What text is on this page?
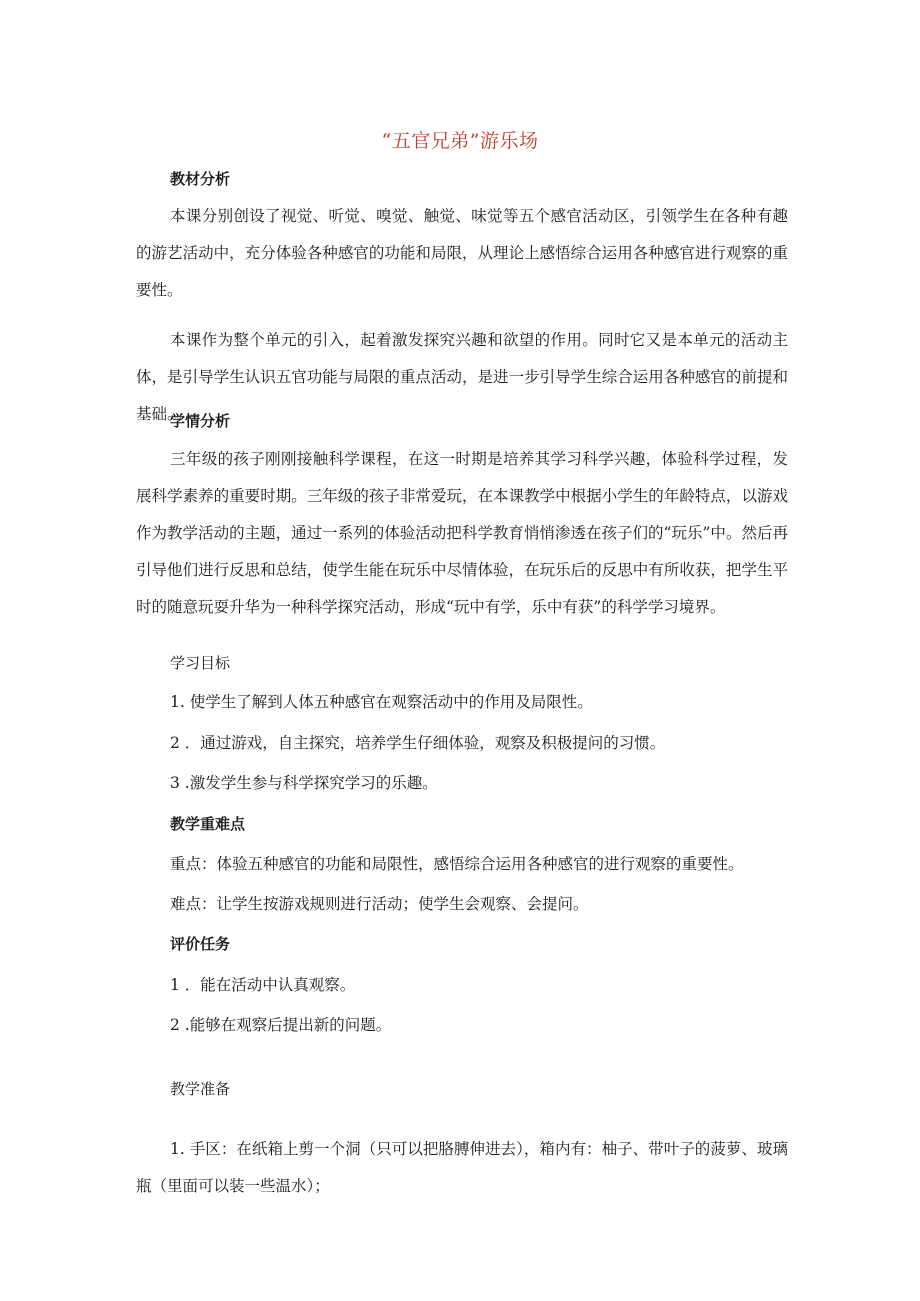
“五官兄弟”游乐场
教材分析

本课分别创设了视觉、听觉、嗅觉、触觉、味觉等五个感官活动区，引领学生在各种有趣的游艺活动中，充分体验各种感官的功能和局限，从理论上感悟综合运用各种感官进行观察的重要性。

本课作为整个单元的引入，起着激发探究兴趣和欲望的作用。同时它又是本单元的活动主体，是引导学生认识五官功能与局限的重点活动，是进一步引导学生综合运用各种感官的前提和基础。

学情分析

三年级的孩子刚刚接触科学课程，在这一时期是培养其学习科学兴趣，体验科学过程，发展科学素养的重要时期。三年级的孩子非常爱玩，在本课教学中根据小学生的年龄特点，以游戏作为教学活动的主题，通过一系列的体验活动把科学教育悄悄渗透在孩子们的“玩乐”中。然后再引导他们进行反思和总结，使学生能在玩乐中尽情体验，在玩乐后的反思中有所收获，把学生平时的随意玩耍升华为一种科学探究活动，形成“玩中有学，乐中有获”的科学学习境界。

学习目标
1. 使学生了解到人体五种感官在观察活动中的作用及局限性。
2 ．通过游戏，自主探究，培养学生仔细体验，观察及积极提问的习惯。
3 .激发学生参与科学探究学习的乐趣。
教学重难点
重点：体验五种感官的功能和局限性，感悟综合运用各种感官的进行观察的重要性。
难点：让学生按游戏规则进行活动；使学生会观察、会提问。
评价任务
1 ．能在活动中认真观察。
2 .能够在观察后提出新的问题。
教学准备

1. 手区：在纸箱上剪一个洞（只可以把胳膊伸进去），箱内有：柚子、带叶子的菠萝、玻璃瓶（里面可以装一些温水）；
